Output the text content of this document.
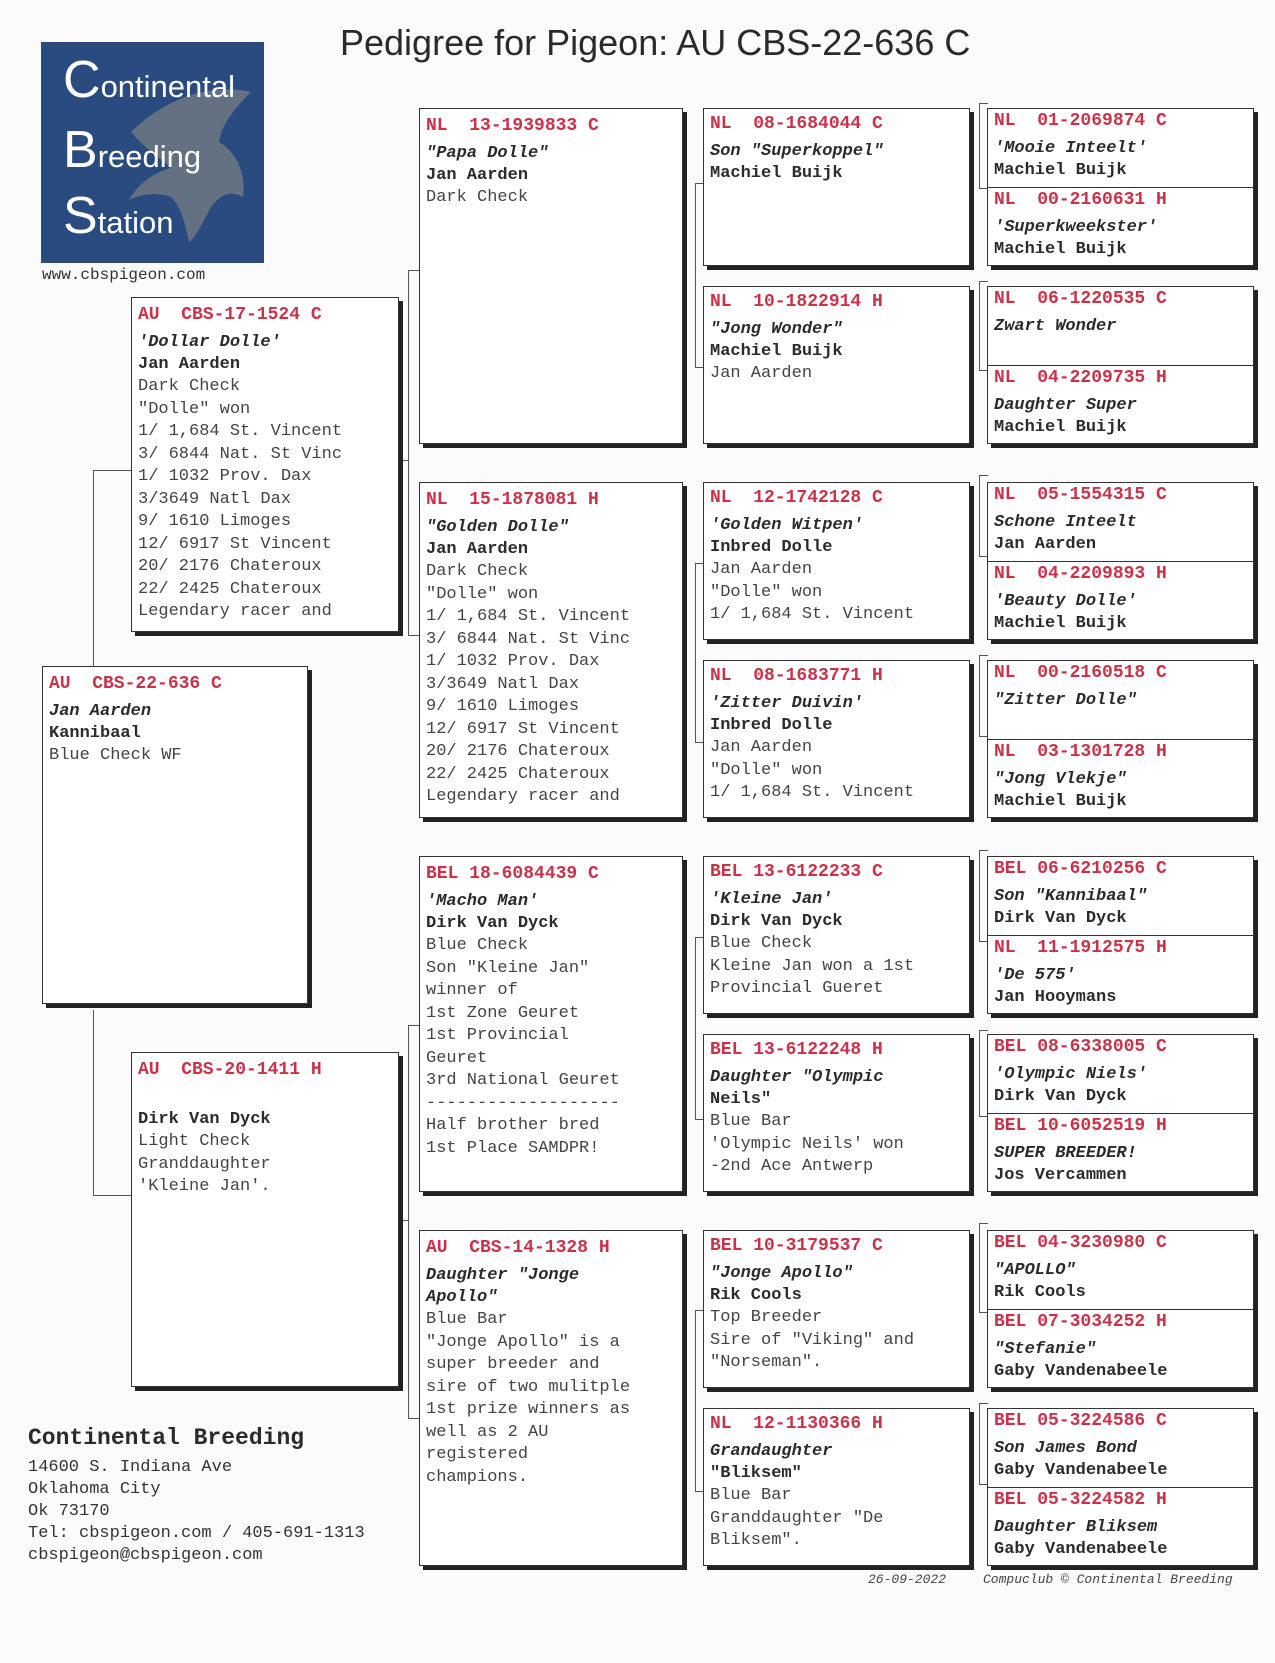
Pedigree for Pigeon: AU CBS-22-636 C
Continental
Breeding
Station
www.cbspigeon.com
AU  CBS-22-636 C
Jan Aarden
Kannibaal
Blue Check WF
AU  CBS-17-1524 C
'Dollar Dolle'
Jan Aarden
Dark Check
"Dolle" won
1/ 1,684 St. Vincent
3/ 6844 Nat. St Vinc
1/ 1032 Prov. Dax
3/3649 Natl Dax
9/ 1610 Limoges
12/ 6917 St Vincent
20/ 2176 Chateroux
22/ 2425 Chateroux
Legendary racer and
AU  CBS-20-1411 H
Dirk Van Dyck
Light Check
Granddaughter
'Kleine Jan'.
NL  13-1939833 C
"Papa Dolle"
Jan Aarden
Dark Check
NL  15-1878081 H
"Golden Dolle"
Jan Aarden
Dark Check
"Dolle" won
1/ 1,684 St. Vincent
3/ 6844 Nat. St Vinc
1/ 1032 Prov. Dax
3/3649 Natl Dax
9/ 1610 Limoges
12/ 6917 St Vincent
20/ 2176 Chateroux
22/ 2425 Chateroux
Legendary racer and
BEL 18-6084439 C
'Macho Man'
Dirk Van Dyck
Blue Check
Son "Kleine Jan"
winner of
1st Zone Geuret
1st Provincial
Geuret
3rd National Geuret
-------------------
Half brother bred
1st Place SAMDPR!
AU  CBS-14-1328 H
Daughter "Jonge
Apollo"
Blue Bar
"Jonge Apollo" is a
super breeder and
sire of two mulitple
1st prize winners as
well as 2 AU
registered
champions.
NL  08-1684044 C
Son "Superkoppel"
Machiel Buijk
NL  10-1822914 H
"Jong Wonder"
Machiel Buijk
Jan Aarden
NL  12-1742128 C
'Golden Witpen'
Inbred Dolle
Jan Aarden
"Dolle" won
1/ 1,684 St. Vincent
NL  08-1683771 H
'Zitter Duivin'
Inbred Dolle
Jan Aarden
"Dolle" won
1/ 1,684 St. Vincent
BEL 13-6122233 C
'Kleine Jan'
Dirk Van Dyck
Blue Check
Kleine Jan won a 1st
Provincial Gueret
BEL 13-6122248 H
Daughter "Olympic
Neils"
Blue Bar
'Olympic Neils' won
-2nd Ace Antwerp
BEL 10-3179537 C
"Jonge Apollo"
Rik Cools
Top Breeder
Sire of "Viking" and
"Norseman".
NL  12-1130366 H
Grandaughter
"Bliksem"
Blue Bar
Granddaughter "De
Bliksem".
NL  01-2069874 C
'Mooie Inteelt'
Machiel Buijk
NL  00-2160631 H
'Superkweekster'
Machiel Buijk
NL  06-1220535 C
Zwart Wonder
NL  04-2209735 H
Daughter Super
Machiel Buijk
NL  05-1554315 C
Schone Inteelt
Jan Aarden
NL  04-2209893 H
'Beauty Dolle'
Machiel Buijk
NL  00-2160518 C
"Zitter Dolle"
NL  03-1301728 H
"Jong Vlekje"
Machiel Buijk
BEL 06-6210256 C
Son "Kannibaal"
Dirk Van Dyck
NL  11-1912575 H
'De 575'
Jan Hooymans
BEL 08-6338005 C
'Olympic Niels'
Dirk Van Dyck
BEL 10-6052519 H
SUPER BREEDER!
Jos Vercammen
BEL 04-3230980 C
"APOLLO"
Rik Cools
BEL 07-3034252 H
"Stefanie"
Gaby Vandenabeele
BEL 05-3224586 C
Son James Bond
Gaby Vandenabeele
BEL 05-3224582 H
Daughter Bliksem
Gaby Vandenabeele
Continental Breeding
14600 S. Indiana Ave
Oklahoma City
Ok 73170
Tel: cbspigeon.com / 405-691-1313
cbspigeon@cbspigeon.com
26-09-2022	Compuclub © Continental Breeding
